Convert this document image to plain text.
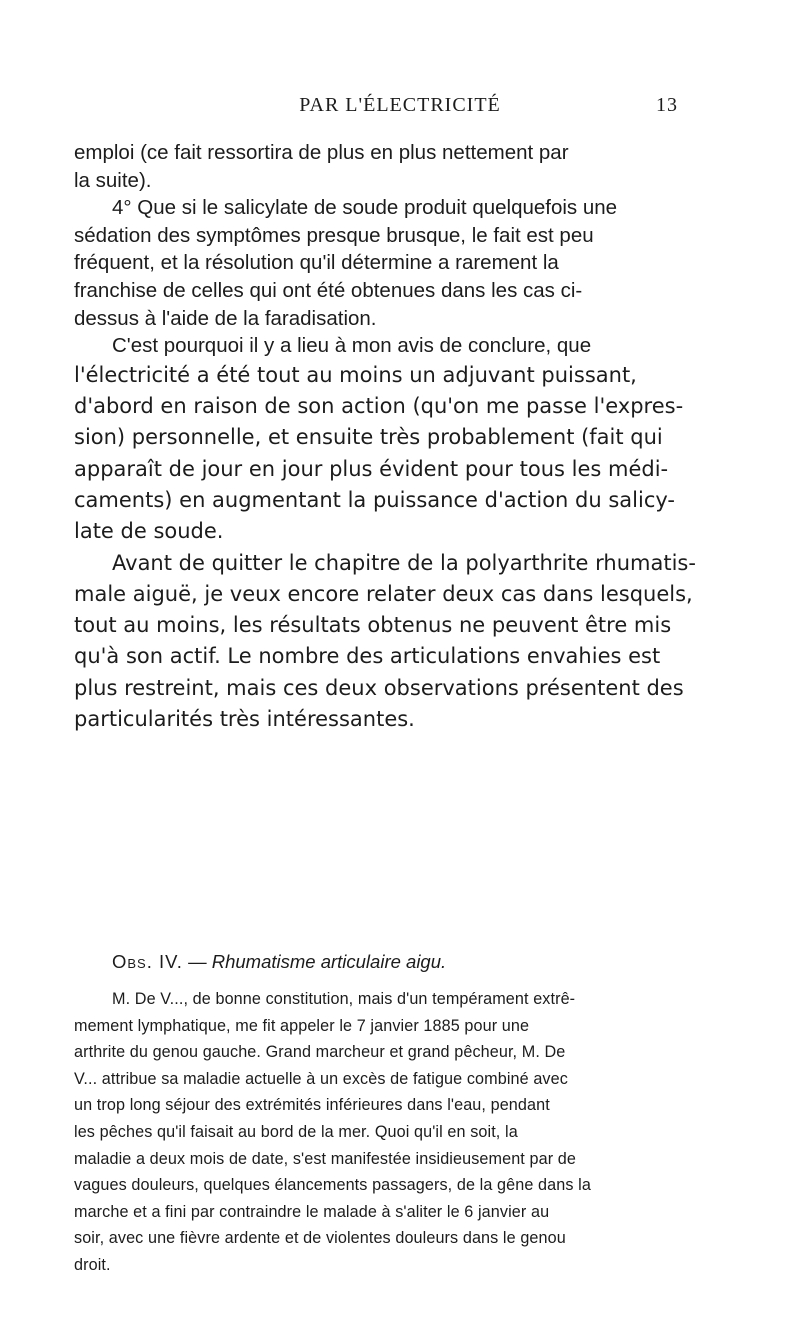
PAR L'ÉLECTRICITÉ	13
emploi (ce fait ressortira de plus en plus nettement par
la suite).
4° Que si le salicylate de soude produit quelquefois une
sédation des symptômes presque brusque, le fait est peu
fréquent, et la résolution qu'il détermine a rarement la
franchise de celles qui ont été obtenues dans les cas ci-
dessus à l'aide de la faradisation.
C'est pourquoi il y a lieu à mon avis de conclure, que
l'électricité a été tout au moins un adjuvant puissant,
d'abord en raison de son action (qu'on me passe l'expres-
sion) personnelle, et ensuite très probablement (fait qui
apparaît de jour en jour plus évident pour tous les médi-
caments) en augmentant la puissance d'action du salicy-
late de soude.
Avant de quitter le chapitre de la polyarthrite rhumatis-
male aiguë, je veux encore relater deux cas dans lesquels,
tout au moins, les résultats obtenus ne peuvent être mis
qu'à son actif. Le nombre des articulations envahies est
plus restreint, mais ces deux observations présentent des
particularités très intéressantes.
Obs. IV. — Rhumatisme articulaire aigu.
M. De V..., de bonne constitution, mais d'un tempérament extrê-
mement lymphatique, me fit appeler le 7 janvier 1885 pour une
arthrite du genou gauche. Grand marcheur et grand pêcheur, M. De
V... attribue sa maladie actuelle à un excès de fatigue combiné avec
un trop long séjour des extrémités inférieures dans l'eau, pendant
les pêches qu'il faisait au bord de la mer. Quoi qu'il en soit, la
maladie a deux mois de date, s'est manifestée insidieusement par de
vagues douleurs, quelques élancements passagers, de la gêne dans la
marche et a fini par contraindre le malade à s'aliter le 6 janvier au
soir, avec une fièvre ardente et de violentes douleurs dans le genou
droit.
